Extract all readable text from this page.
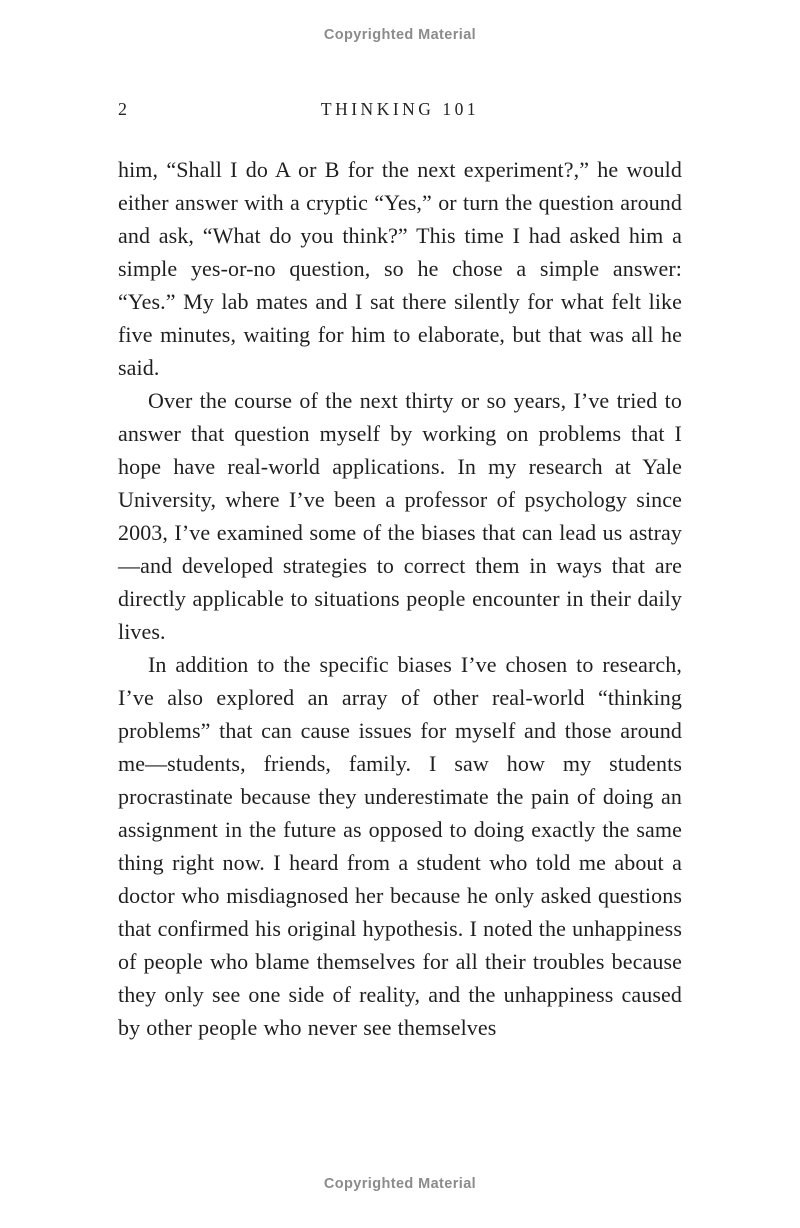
Copyrighted Material
2	THINKING 101

him, “Shall I do A or B for the next experiment?,” he would either answer with a cryptic “Yes,” or turn the question around and ask, “What do you think?” This time I had asked him a simple yes-or-no question, so he chose a simple answer: “Yes.” My lab mates and I sat there silently for what felt like five minutes, waiting for him to elaborate, but that was all he said.

Over the course of the next thirty or so years, I’ve tried to answer that question myself by working on problems that I hope have real-world applications. In my research at Yale University, where I’ve been a professor of psychology since 2003, I’ve examined some of the biases that can lead us astray—and developed strategies to correct them in ways that are directly applicable to situations people encounter in their daily lives.

In addition to the specific biases I’ve chosen to research, I’ve also explored an array of other real-world “thinking problems” that can cause issues for myself and those around me—students, friends, family. I saw how my students procrastinate because they underestimate the pain of doing an assignment in the future as opposed to doing exactly the same thing right now. I heard from a student who told me about a doctor who misdiagnosed her because he only asked questions that confirmed his original hypothesis. I noted the unhappiness of people who blame themselves for all their troubles because they only see one side of reality, and the unhappiness caused by other people who never see themselves

Copyrighted Material
